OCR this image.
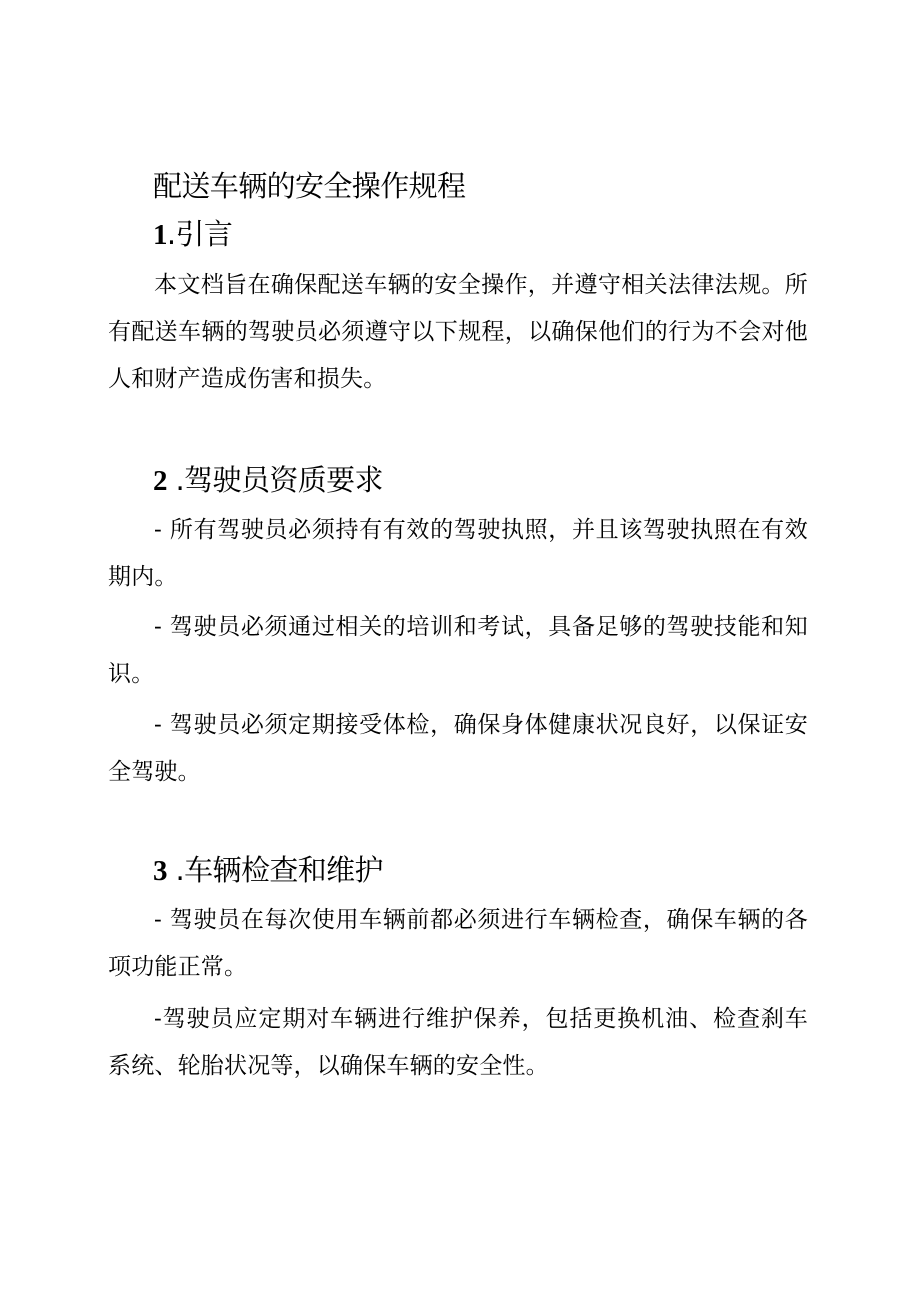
配送车辆的安全操作规程
1.引言
本文档旨在确保配送车辆的安全操作，并遵守相关法律法规。所有配送车辆的驾驶员必须遵守以下规程，以确保他们的行为不会对他人和财产造成伤害和损失。
2 .驾驶员资质要求
- 所有驾驶员必须持有有效的驾驶执照，并且该驾驶执照在有效期内。
- 驾驶员必须通过相关的培训和考试，具备足够的驾驶技能和知识。
- 驾驶员必须定期接受体检，确保身体健康状况良好，以保证安全驾驶。
3 .车辆检查和维护
- 驾驶员在每次使用车辆前都必须进行车辆检查，确保车辆的各项功能正常。
-驾驶员应定期对车辆进行维护保养，包括更换机油、检查刹车系统、轮胎状况等，以确保车辆的安全性。
